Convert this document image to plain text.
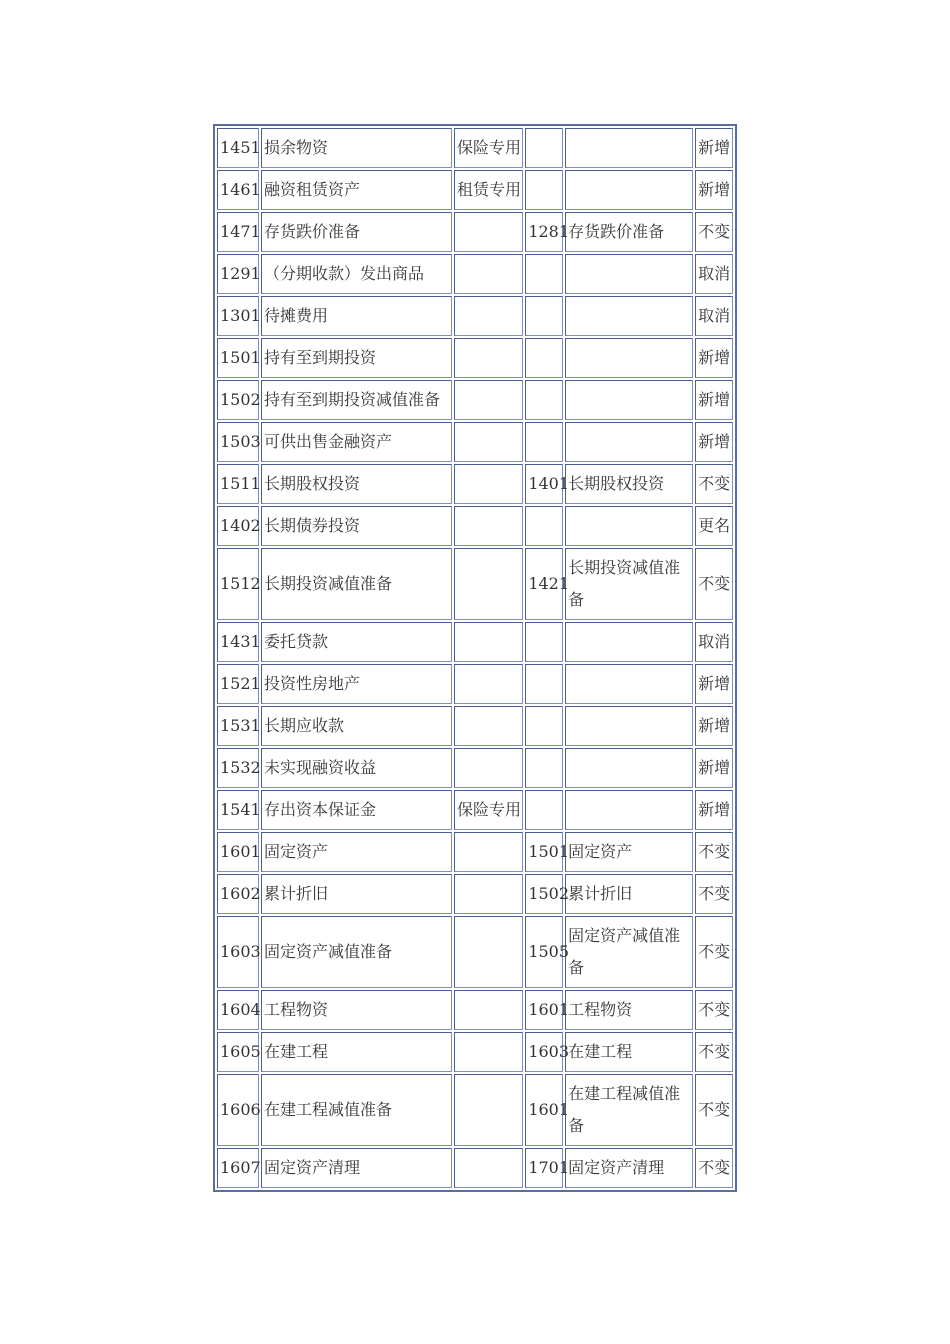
1451	损余物资	保险专用			新增
1461	融资租赁资产	租赁专用			新增
1471	存货跌价准备		1281	存货跌价准备	不变
1291	（分期收款）发出商品				取消
1301	待摊费用				取消
1501	持有至到期投资				新增
1502	持有至到期投资减值准备				新增
1503	可供出售金融资产				新增
1511	长期股权投资		1401	长期股权投资	不变
1402	长期债券投资				更名
1512	长期投资减值准备		1421	长期投资减值准备	不变
1431	委托贷款				取消
1521	投资性房地产				新增
1531	长期应收款				新增
1532	未实现融资收益				新增
1541	存出资本保证金	保险专用			新增
1601	固定资产		1501	固定资产	不变
1602	累计折旧		1502	累计折旧	不变
1603	固定资产减值准备		1505	固定资产减值准备	不变
1604	工程物资		1601	工程物资	不变
1605	在建工程		1603	在建工程	不变
1606	在建工程减值准备		1601	在建工程减值准备	不变
1607	固定资产清理		1701	固定资产清理	不变
